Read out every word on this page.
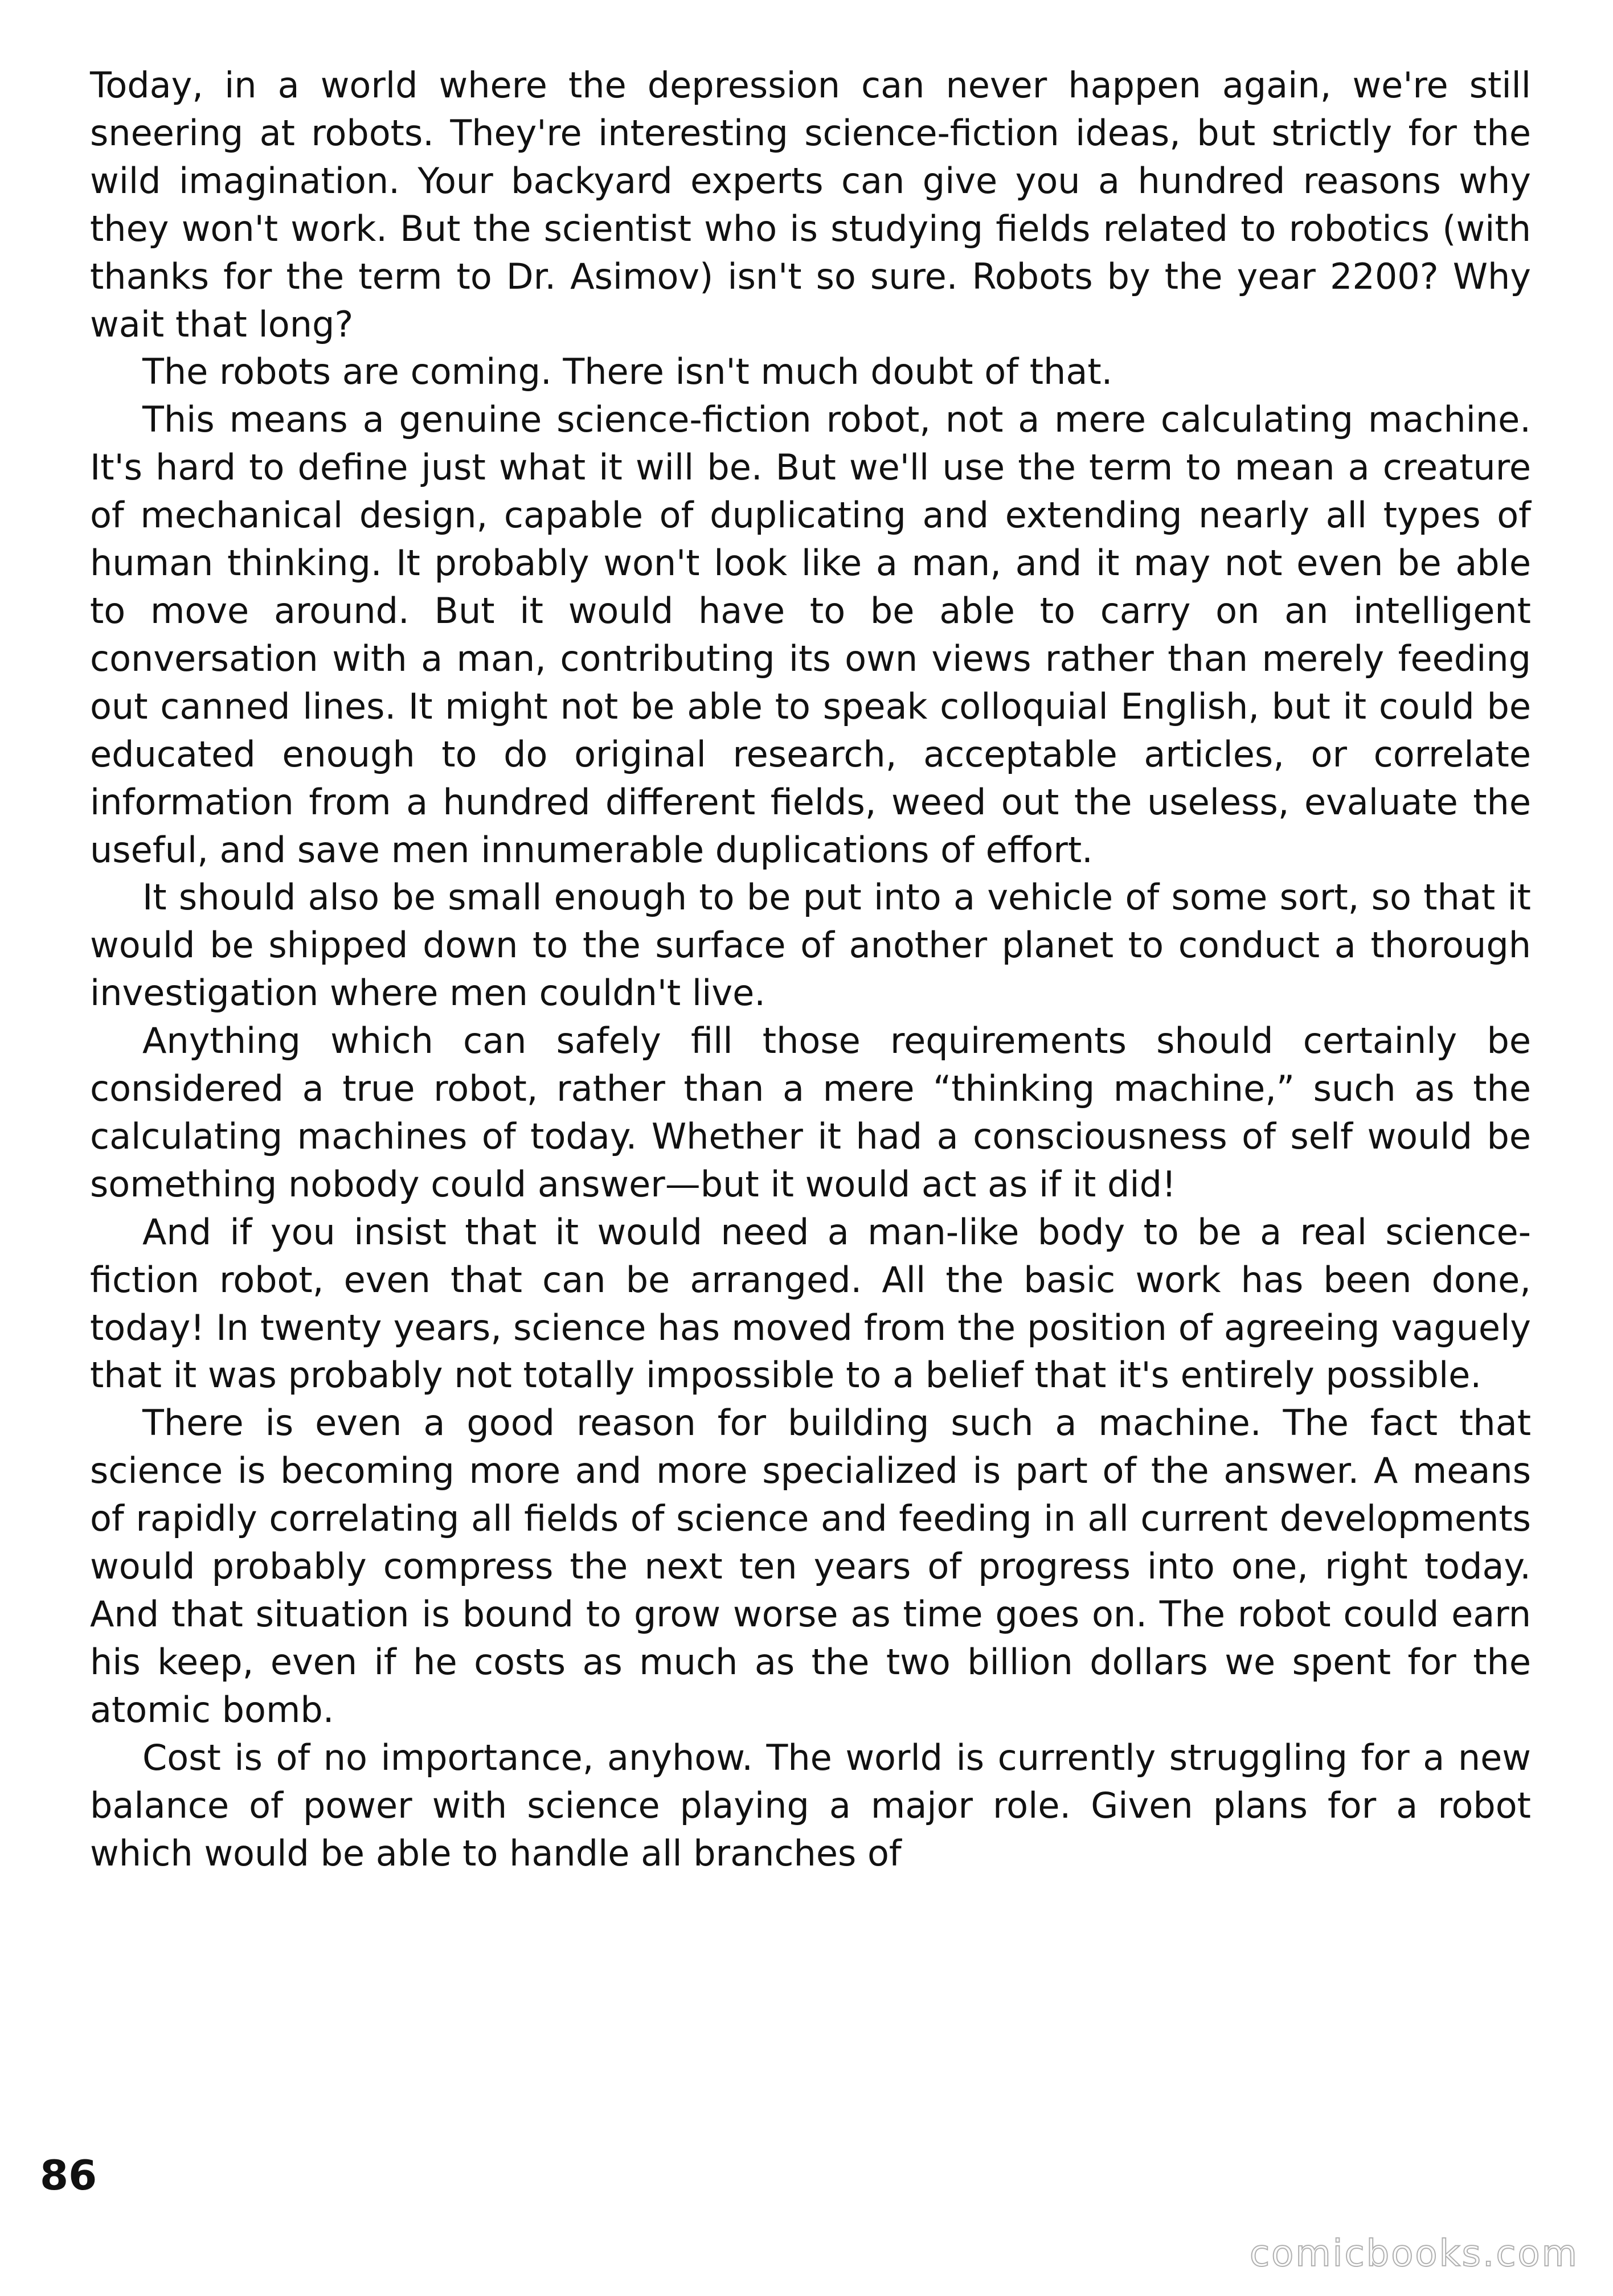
Today, in a world where the depression can never happen again, we're still sneering at robots. They're interesting science-fiction ideas, but strictly for the wild imagination. Your backyard experts can give you a hundred reasons why they won't work. But the scientist who is studying fields related to robotics (with thanks for the term to Dr. Asimov) isn't so sure. Robots by the year 2200? Why wait that long?

The robots are coming. There isn't much doubt of that.

This means a genuine science-fiction robot, not a mere calculating machine. It's hard to define just what it will be. But we'll use the term to mean a creature of mechanical design, capable of duplicating and extending nearly all types of human thinking. It probably won't look like a man, and it may not even be able to move around. But it would have to be able to carry on an intelligent conversation with a man, contributing its own views rather than merely feeding out canned lines. It might not be able to speak colloquial English, but it could be educated enough to do original research, acceptable articles, or correlate information from a hundred different fields, weed out the useless, evaluate the useful, and save men innumerable duplications of effort.

It should also be small enough to be put into a vehicle of some sort, so that it would be shipped down to the surface of another planet to conduct a thorough investigation where men couldn't live.

Anything which can safely fill those requirements should certainly be considered a true robot, rather than a mere “thinking machine,” such as the calculating machines of today. Whether it had a consciousness of self would be something nobody could answer—but it would act as if it did!

And if you insist that it would need a man-like body to be a real science-fiction robot, even that can be arranged. All the basic work has been done, today! In twenty years, science has moved from the position of agreeing vaguely that it was probably not totally impossible to a belief that it's entirely possible.

There is even a good reason for building such a machine. The fact that science is becoming more and more specialized is part of the answer. A means of rapidly correlating all fields of science and feeding in all current developments would probably compress the next ten years of progress into one, right today. And that situation is bound to grow worse as time goes on. The robot could earn his keep, even if he costs as much as the two billion dollars we spent for the atomic bomb.

Cost is of no importance, anyhow. The world is currently struggling for a new balance of power with science playing a major role. Given plans for a robot which would be able to handle all branches of

86
comicbooks.com
